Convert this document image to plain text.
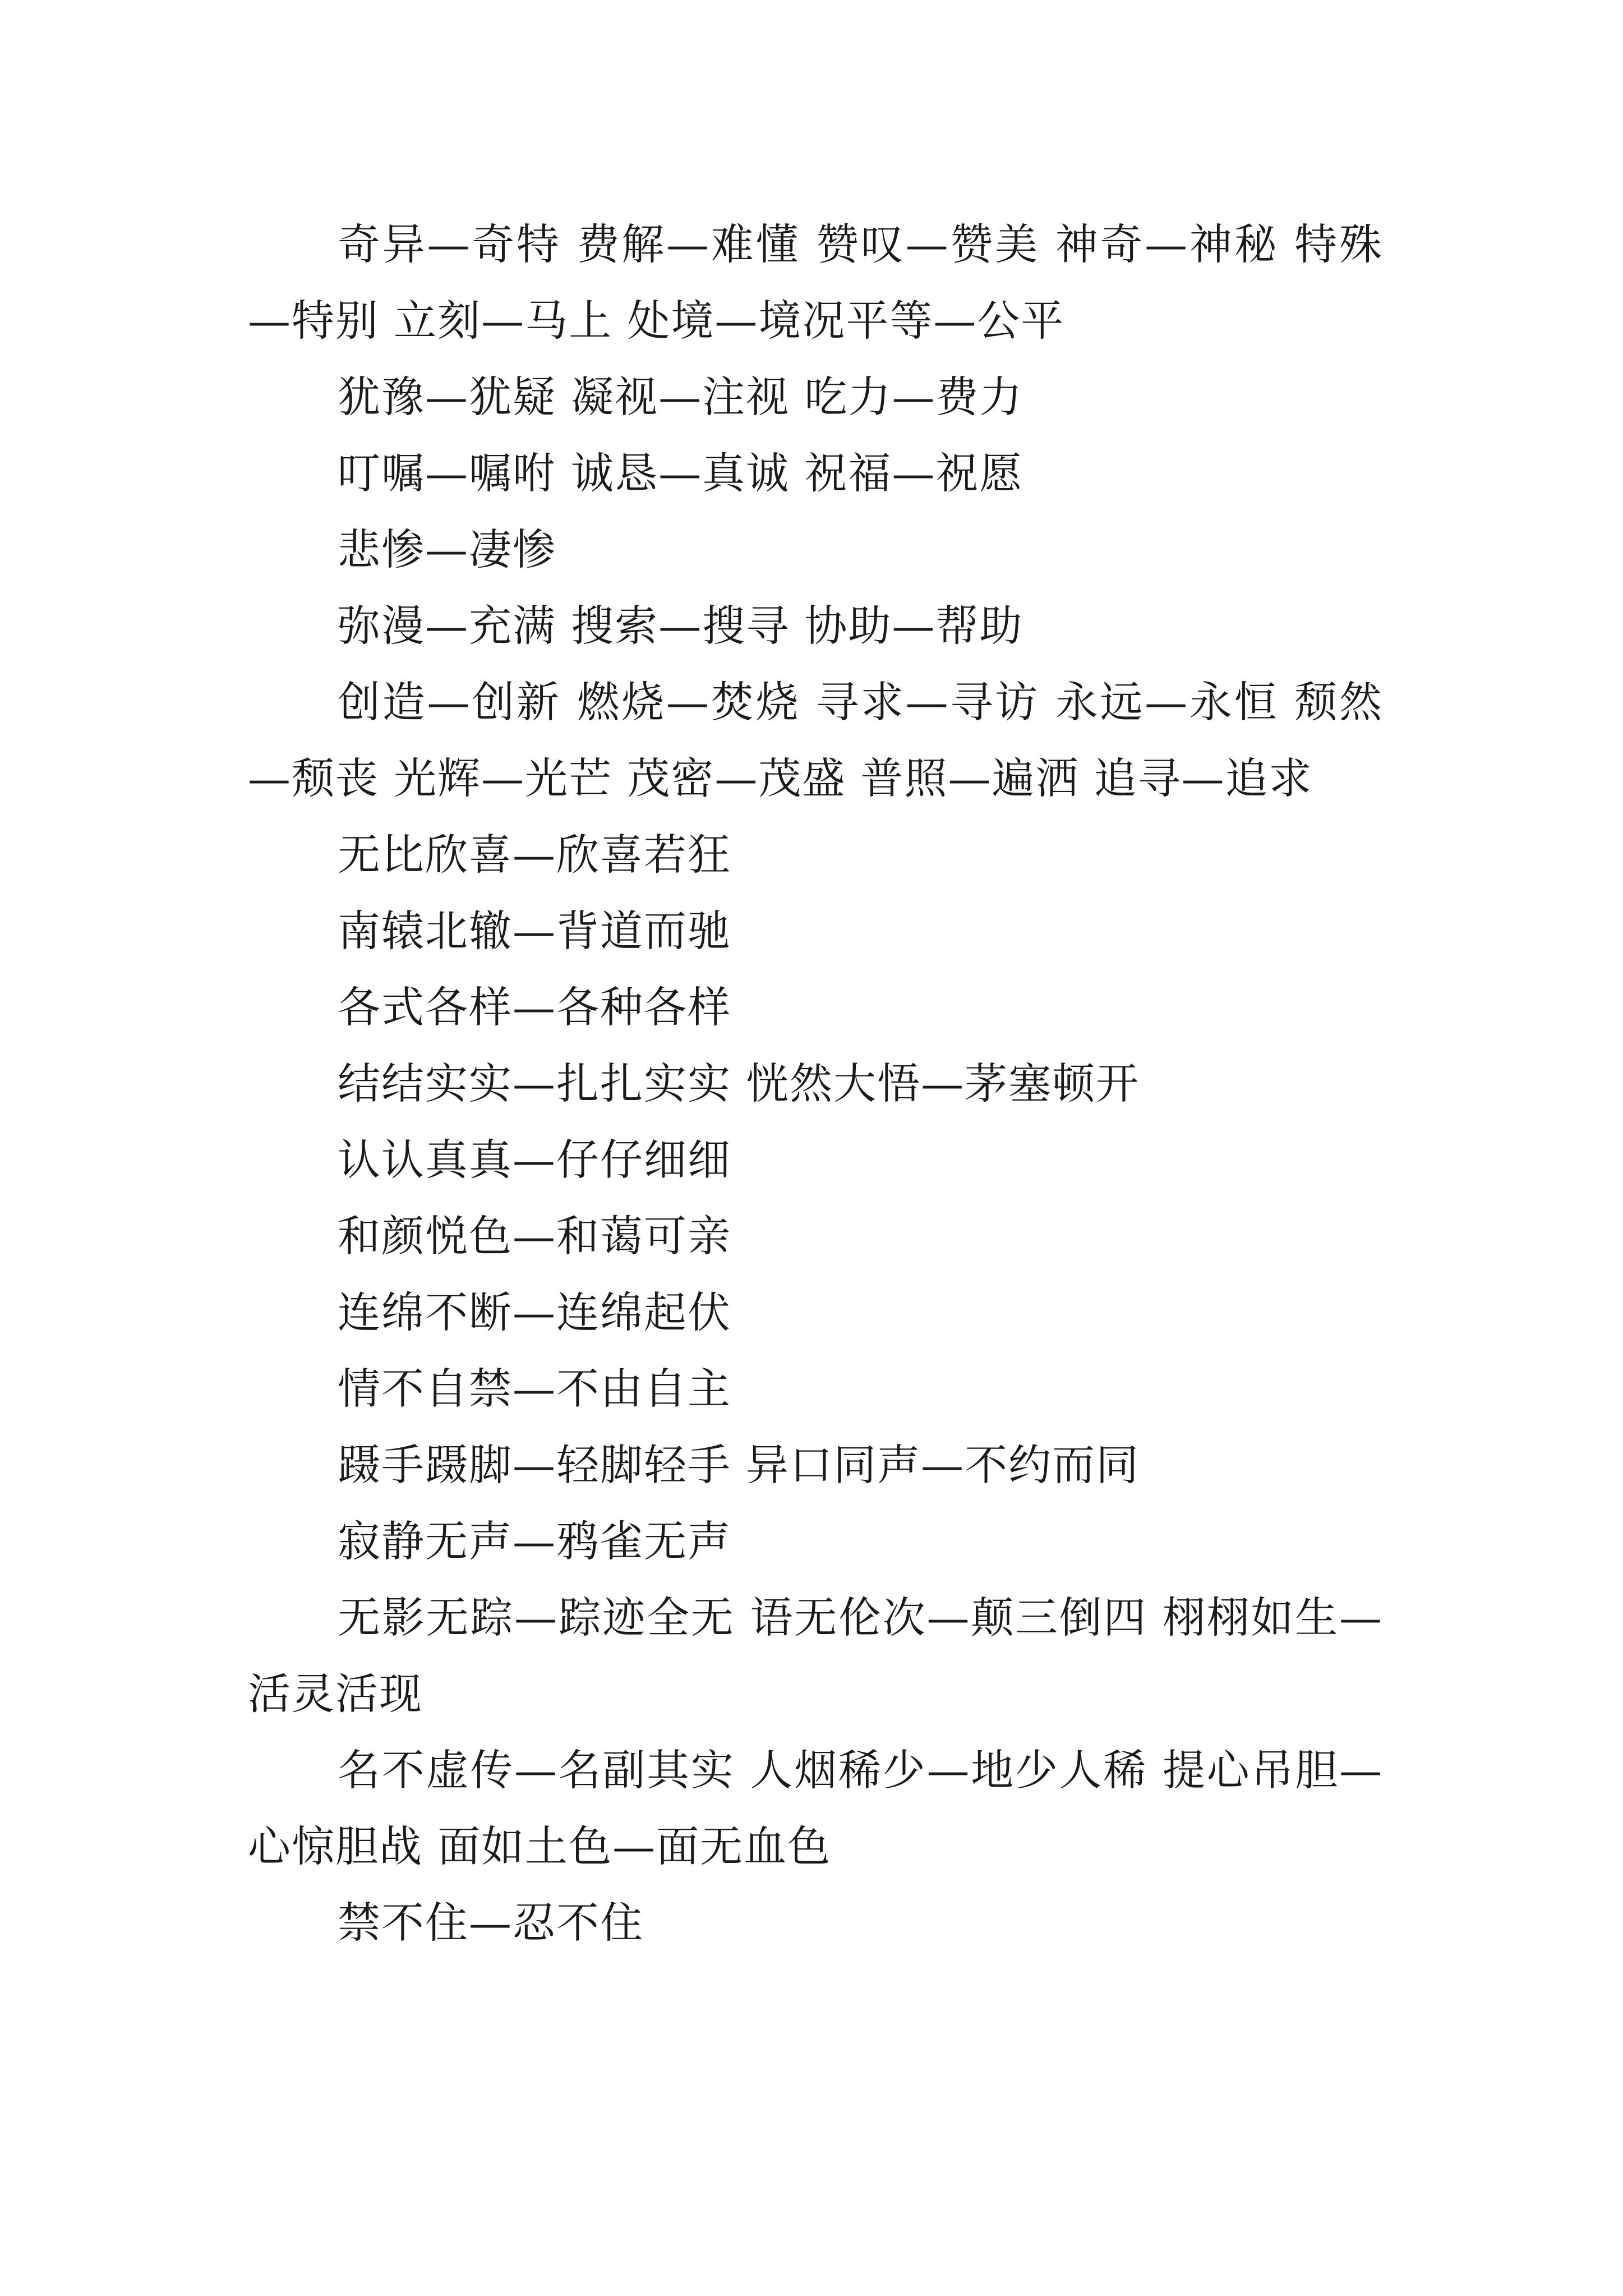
奇异—奇特 费解—难懂 赞叹—赞美 神奇—神秘 特殊—特别 立刻—马上 处境—境况平等—公平

犹豫—犹疑 凝视—注视 吃力—费力

叮嘱—嘱咐 诚恳—真诚 祝福—祝愿

悲惨—凄惨

弥漫—充满 搜索—搜寻 协助—帮助

创造—创新 燃烧—焚烧 寻求—寻访 永远—永恒 颓然—颓丧 光辉—光芒 茂密—茂盛 普照—遍洒 追寻—追求

无比欣喜—欣喜若狂

南辕北辙—背道而驰

各式各样—各种各样

结结实实—扎扎实实 恍然大悟—茅塞顿开

认认真真—仔仔细细

和颜悦色—和蔼可亲

连绵不断—连绵起伏

情不自禁—不由自主

蹑手蹑脚—轻脚轻手 异口同声—不约而同

寂静无声—鸦雀无声

无影无踪—踪迹全无 语无伦次—颠三倒四 栩栩如生—活灵活现

名不虚传—名副其实 人烟稀少—地少人稀 提心吊胆—心惊胆战 面如土色—面无血色

禁不住—忍不住
